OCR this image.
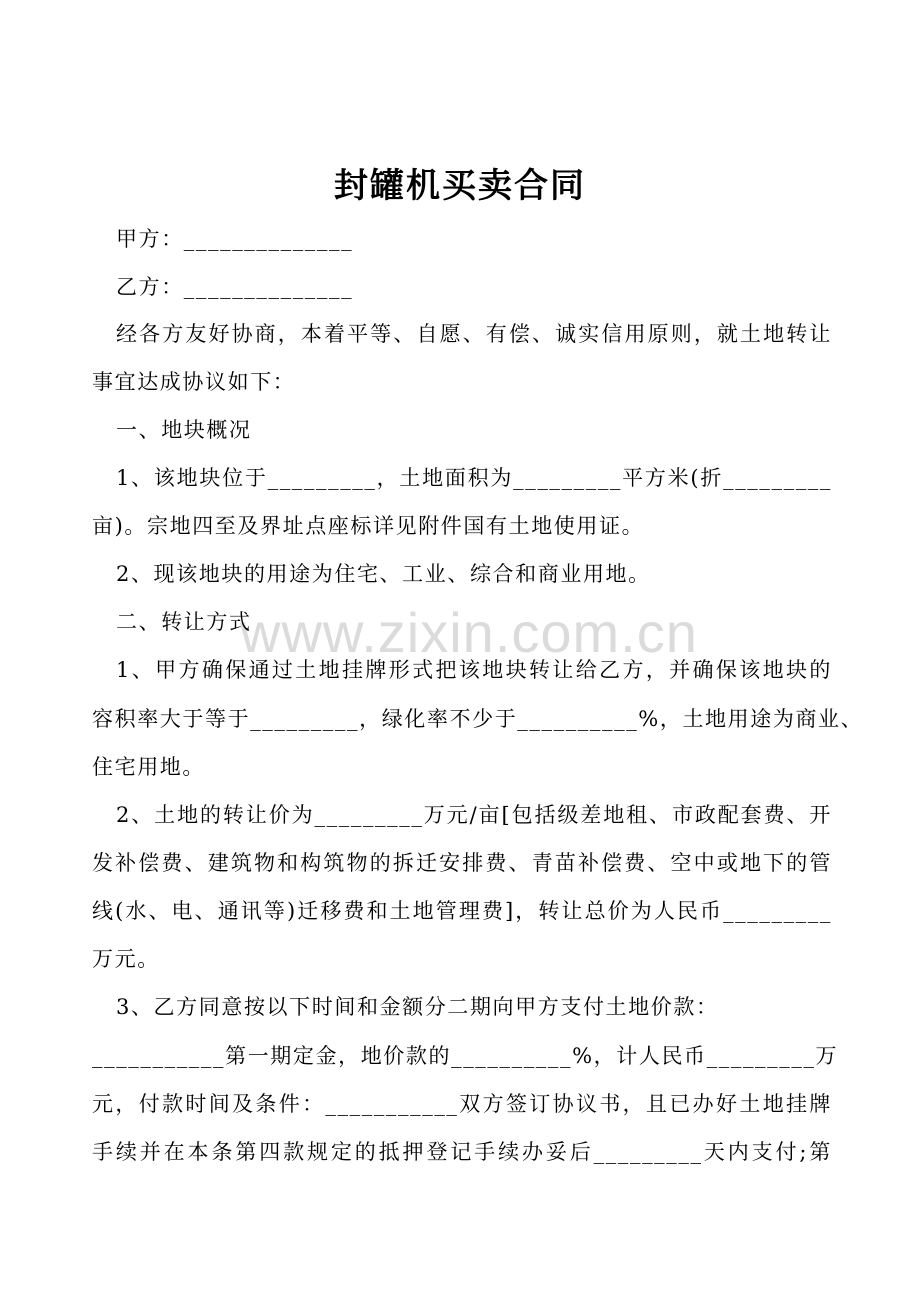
封罐机买卖合同
www.zixin.com.cn
甲方：______________
乙方：______________
经各方友好协商，本着平等、自愿、有偿、诚实信用原则，就土地转让
事宜达成协议如下：
一、地块概况
1、该地块位于_________，土地面积为_________平方米(折_________
亩)。宗地四至及界址点座标详见附件国有土地使用证。
2、现该地块的用途为住宅、工业、综合和商业用地。
二、转让方式
1、甲方确保通过土地挂牌形式把该地块转让给乙方，并确保该地块的
容积率大于等于_________，绿化率不少于__________%，土地用途为商业、
住宅用地。
2、土地的转让价为_________万元/亩[包括级差地租、市政配套费、开
发补偿费、建筑物和构筑物的拆迁安排费、青苗补偿费、空中或地下的管
线(水、电、通讯等)迁移费和土地管理费]，转让总价为人民币_________
万元。
3、乙方同意按以下时间和金额分二期向甲方支付土地价款：
___________第一期定金，地价款的__________%，计人民币_________万
元，付款时间及条件：___________双方签订协议书，且已办好土地挂牌
手续并在本条第四款规定的抵押登记手续办妥后_________天内支付;第
